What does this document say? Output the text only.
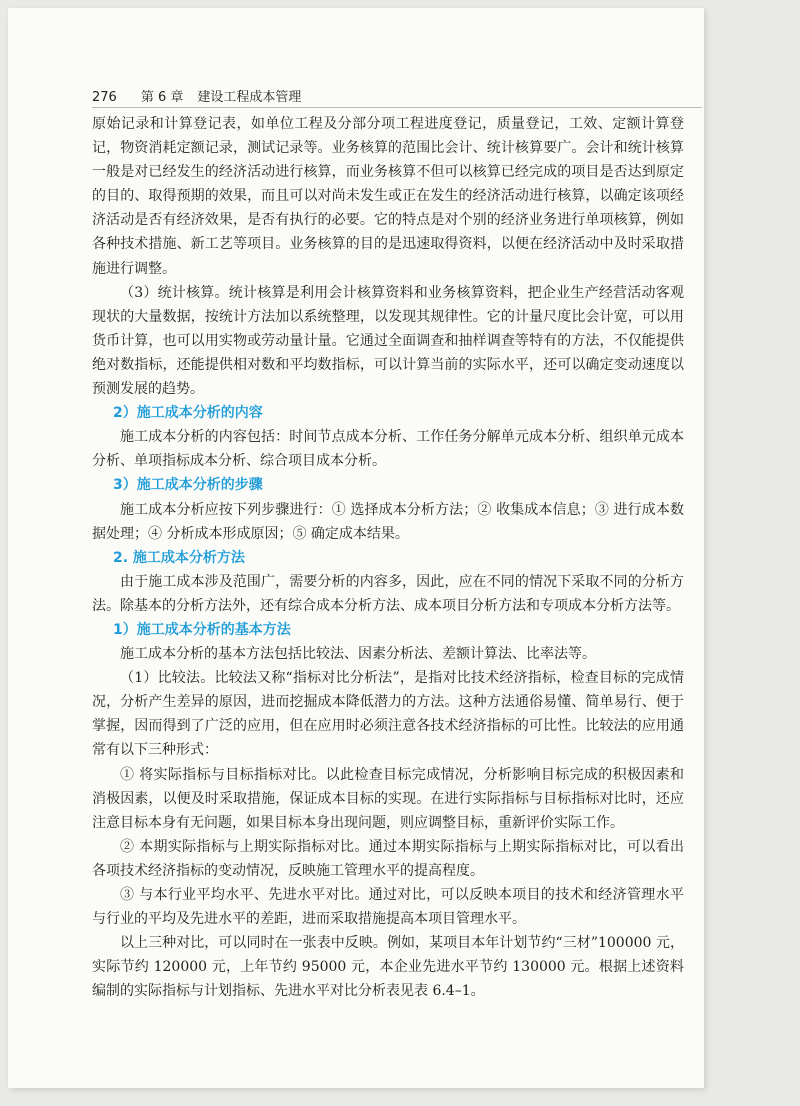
276 第 6 章 建设工程成本管理

原始记录和计算登记表，如单位工程及分部分项工程进度登记，质量登记，工效、定额计算登记，物资消耗定额记录，测试记录等。业务核算的范围比会计、统计核算要广。会计和统计核算一般是对已经发生的经济活动进行核算，而业务核算不但可以核算已经完成的项目是否达到原定的目的、取得预期的效果，而且可以对尚未发生或正在发生的经济活动进行核算，以确定该项经济活动是否有经济效果，是否有执行的必要。它的特点是对个别的经济业务进行单项核算，例如各种技术措施、新工艺等项目。业务核算的目的是迅速取得资料，以便在经济活动中及时采取措施进行调整。

（3）统计核算。统计核算是利用会计核算资料和业务核算资料，把企业生产经营活动客观现状的大量数据，按统计方法加以系统整理，以发现其规律性。它的计量尺度比会计宽，可以用货币计算，也可以用实物或劳动量计量。它通过全面调查和抽样调查等特有的方法，不仅能提供绝对数指标，还能提供相对数和平均数指标，可以计算当前的实际水平，还可以确定变动速度以预测发展的趋势。

2）施工成本分析的内容

施工成本分析的内容包括：时间节点成本分析、工作任务分解单元成本分析、组织单元成本分析、单项指标成本分析、综合项目成本分析。

3）施工成本分析的步骤

施工成本分析应按下列步骤进行：① 选择成本分析方法；② 收集成本信息；③ 进行成本数据处理；④ 分析成本形成原因；⑤ 确定成本结果。

2. 施工成本分析方法

由于施工成本涉及范围广，需要分析的内容多，因此，应在不同的情况下采取不同的分析方法。除基本的分析方法外，还有综合成本分析方法、成本项目分析方法和专项成本分析方法等。

1）施工成本分析的基本方法

施工成本分析的基本方法包括比较法、因素分析法、差额计算法、比率法等。

（1）比较法。比较法又称“指标对比分析法”，是指对比技术经济指标，检查目标的完成情况，分析产生差异的原因，进而挖掘成本降低潜力的方法。这种方法通俗易懂、简单易行、便于掌握，因而得到了广泛的应用，但在应用时必须注意各技术经济指标的可比性。比较法的应用通常有以下三种形式：

① 将实际指标与目标指标对比。以此检查目标完成情况，分析影响目标完成的积极因素和消极因素，以便及时采取措施，保证成本目标的实现。在进行实际指标与目标指标对比时，还应注意目标本身有无问题，如果目标本身出现问题，则应调整目标，重新评价实际工作。

② 本期实际指标与上期实际指标对比。通过本期实际指标与上期实际指标对比，可以看出各项技术经济指标的变动情况，反映施工管理水平的提高程度。

③ 与本行业平均水平、先进水平对比。通过对比，可以反映本项目的技术和经济管理水平与行业的平均及先进水平的差距，进而采取措施提高本项目管理水平。

以上三种对比，可以同时在一张表中反映。例如，某项目本年计划节约“三材”100000 元，实际节约 120000 元，上年节约 95000 元，本企业先进水平节约 130000 元。根据上述资料编制的实际指标与计划指标、先进水平对比分析表见表 6.4–1。
